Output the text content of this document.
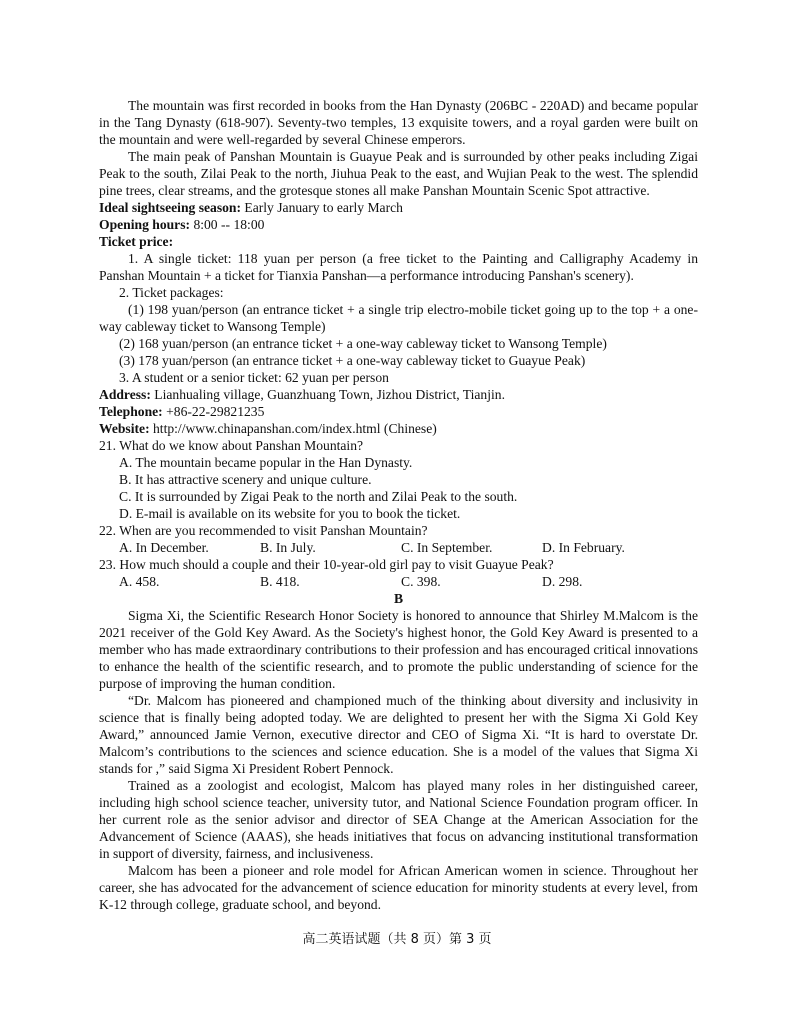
The mountain was first recorded in books from the Han Dynasty (206BC - 220AD) and became popular in the Tang Dynasty (618-907). Seventy-two temples, 13 exquisite towers, and a royal garden were built on the mountain and were well-regarded by several Chinese emperors.

The main peak of Panshan Mountain is Guayue Peak and is surrounded by other peaks including Zigai Peak to the south, Zilai Peak to the north, Jiuhua Peak to the east, and Wujian Peak to the west. The splendid pine trees, clear streams, and the grotesque stones all make Panshan Mountain Scenic Spot attractive.

Ideal sightseeing season: Early January to early March

Opening hours: 8:00 -- 18:00

Ticket price:

1. A single ticket: 118 yuan per person (a free ticket to the Painting and Calligraphy Academy in Panshan Mountain + a ticket for Tianxia Panshan—a performance introducing Panshan's scenery).

2. Ticket packages:

(1) 198 yuan/person (an entrance ticket + a single trip electro-mobile ticket going up to the top + a one-way cableway ticket to Wansong Temple)

(2) 168 yuan/person (an entrance ticket + a one-way cableway ticket to Wansong Temple)

(3) 178 yuan/person (an entrance ticket + a one-way cableway ticket to Guayue Peak)

3. A student or a senior ticket: 62 yuan per person

Address: Lianhualing village, Guanzhuang Town, Jizhou District, Tianjin.

Telephone: +86-22-29821235

Website: http://www.chinapanshan.com/index.html (Chinese)

21. What do we know about Panshan Mountain?

A. The mountain became popular in the Han Dynasty.

B. It has attractive scenery and unique culture.

C. It is surrounded by Zigai Peak to the north and Zilai Peak to the south.

D. E-mail is available on its website for you to book the ticket.

22. When are you recommended to visit Panshan Mountain?

A. In December.	B. In July.	C. In September.	D. In February.

23. How much should a couple and their 10-year-old girl pay to visit Guayue Peak?

A. 458.	B. 418.	C. 398.	D. 298.

B

Sigma Xi, the Scientific Research Honor Society is honored to announce that Shirley M.Malcom is the 2021 receiver of the Gold Key Award. As the Society's highest honor, the Gold Key Award is presented to a member who has made extraordinary contributions to their profession and has encouraged critical innovations to enhance the health of the scientific research, and to promote the public understanding of science for the purpose of improving the human condition.

“Dr. Malcom has pioneered and championed much of the thinking about diversity and inclusivity in science that is finally being adopted today. We are delighted to present her with the Sigma Xi Gold Key Award,” announced Jamie Vernon, executive director and CEO of Sigma Xi. “It is hard to overstate Dr. Malcom’s contributions to the sciences and science education. She is a model of the values that Sigma Xi stands for ,” said Sigma Xi President Robert Pennock.

Trained as a zoologist and ecologist, Malcom has played many roles in her distinguished career, including high school science teacher, university tutor, and National Science Foundation program officer. In her current role as the senior advisor and director of SEA Change at the American Association for the Advancement of Science (AAAS), she heads initiatives that focus on advancing institutional transformation in support of diversity, fairness, and inclusiveness.

Malcom has been a pioneer and role model for African American women in science. Throughout her career, she has advocated for the advancement of science education for minority students at every level, from K-12 through college, graduate school, and beyond.

高二英语试题（共 8 页）第 3 页
